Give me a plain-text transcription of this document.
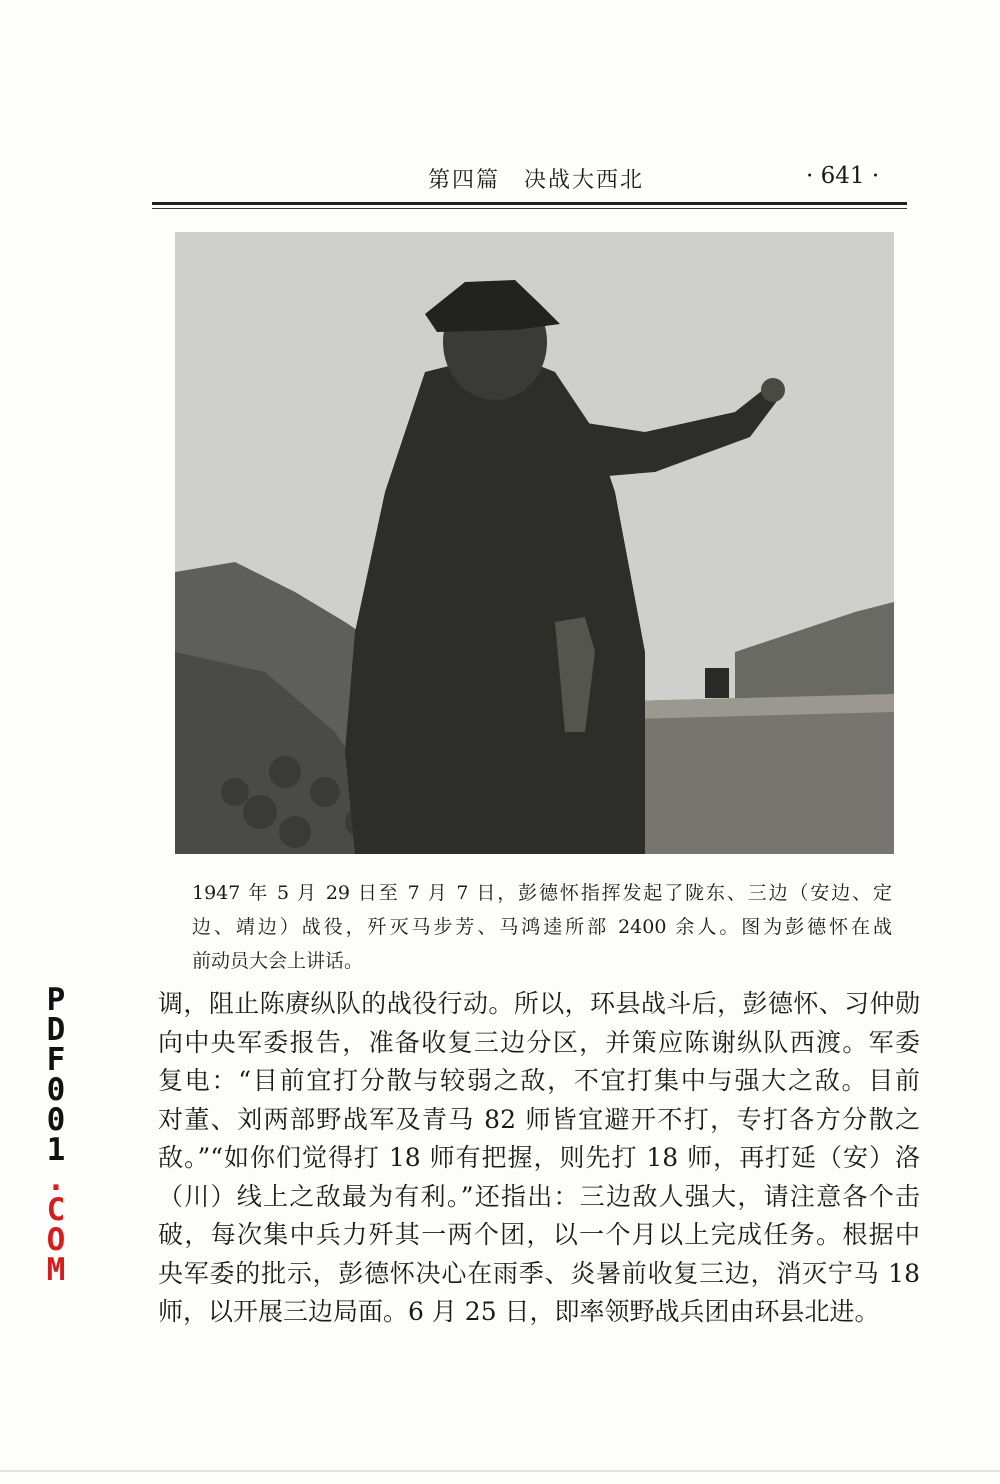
第四篇　决战大西北	· 641 ·
1947 年 5 月 29 日至 7 月 7 日，彭德怀指挥发起了陇东、三边（安边、定
边、靖边）战役，歼灭马步芳、马鸿逵所部 2400 余人。图为彭德怀在战
前动员大会上讲话。
调，阻止陈赓纵队的战役行动。所以，环县战斗后，彭德怀、习仲勋
向中央军委报告，准备收复三边分区，并策应陈谢纵队西渡。军委
复电：“目前宜打分散与较弱之敌，不宜打集中与强大之敌。目前
对董、刘两部野战军及青马 82 师皆宜避开不打，专打各方分散之
敌。”“如你们觉得打 18 师有把握，则先打 18 师，再打延（安）洛
（川）线上之敌最为有利。”还指出：三边敌人强大，请注意各个击
破，每次集中兵力歼其一两个团，以一个月以上完成任务。根据中
央军委的批示，彭德怀决心在雨季、炎暑前收复三边，消灭宁马 18
师，以开展三边局面。6 月 25 日，即率领野战兵团由环县北进。
P
D
F
0
0
1
.
C
O
M
